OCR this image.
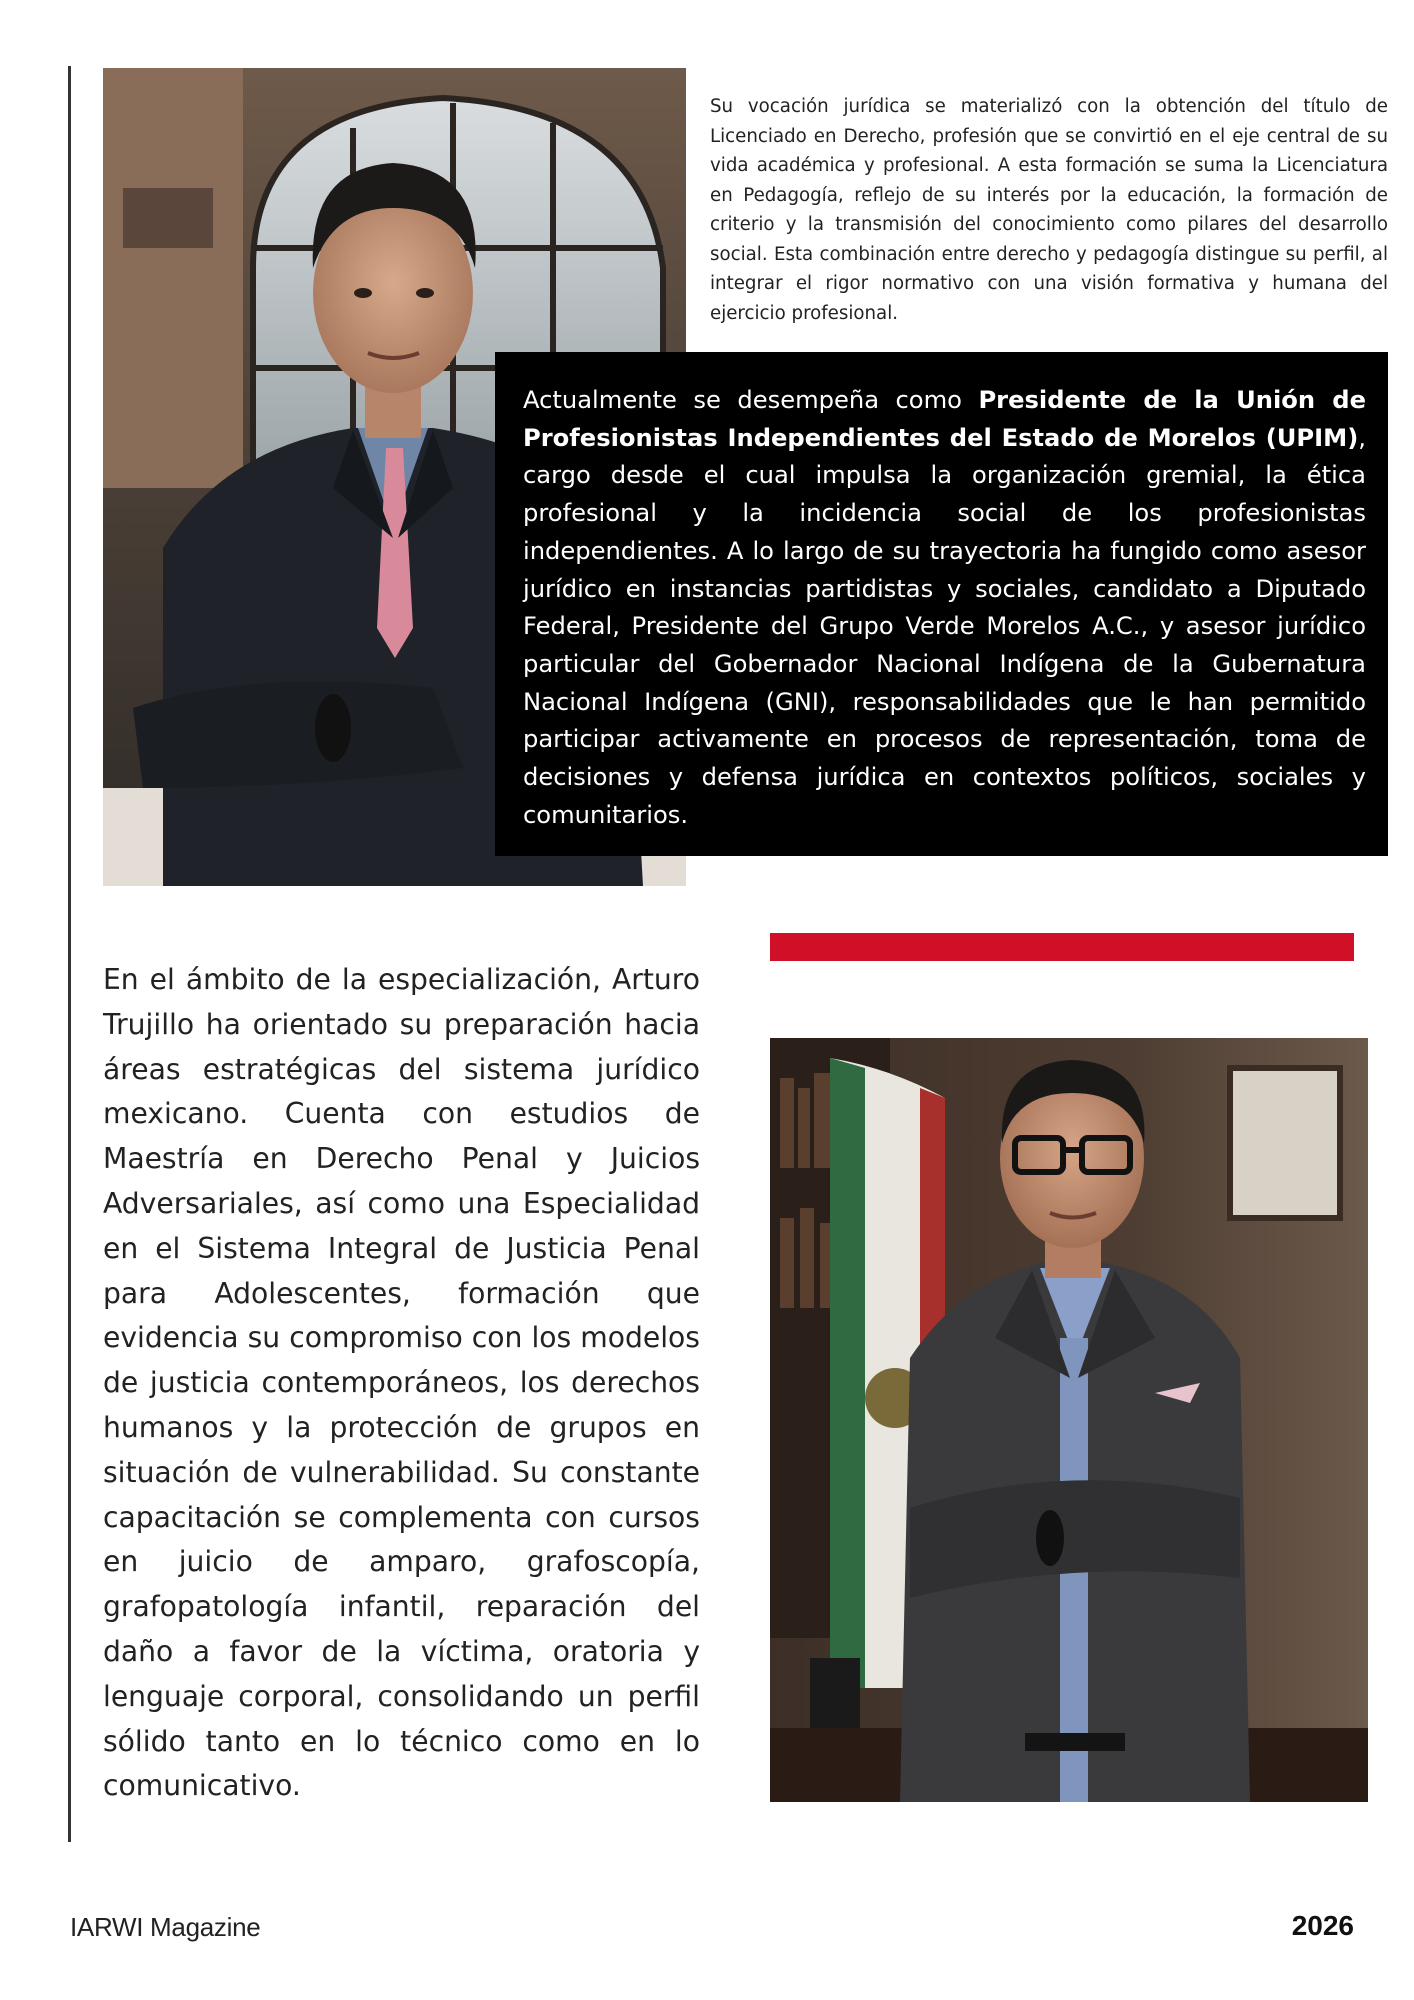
Su vocación jurídica se materializó con la obtención del título de Licenciado en Derecho, profesión que se convirtió en el eje central de su vida académica y profesional. A esta formación se suma la Licenciatura en Pedagogía, reflejo de su interés por la educación, la formación de criterio y la transmisión del conocimiento como pilares del desarrollo social. Esta combinación entre derecho y pedagogía distingue su perfil, al integrar el rigor normativo con una visión formativa y humana del ejercicio profesional.

Actualmente se desempeña como Presidente de la Unión de Profesionistas Independientes del Estado de Morelos (UPIM), cargo desde el cual impulsa la organización gremial, la ética profesional y la incidencia social de los profesionistas independientes. A lo largo de su trayectoria ha fungido como asesor jurídico en instancias partidistas y sociales, candidato a Diputado Federal, Presidente del Grupo Verde Morelos A.C., y asesor jurídico particular del Gobernador Nacional Indígena de la Gubernatura Nacional Indígena (GNI), responsabilidades que le han permitido participar activamente en procesos de representación, toma de decisiones y defensa jurídica en contextos políticos, sociales y comunitarios.

En el ámbito de la especialización, Arturo Trujillo ha orientado su preparación hacia áreas estratégicas del sistema jurídico mexicano. Cuenta con estudios de Maestría en Derecho Penal y Juicios Adversariales, así como una Especialidad en el Sistema Integral de Justicia Penal para Adolescentes, formación que evidencia su compromiso con los modelos de justicia contemporáneos, los derechos humanos y la protección de grupos en situación de vulnerabilidad. Su constante capacitación se complementa con cursos en juicio de amparo, grafoscopía, grafopatología infantil, reparación del daño a favor de la víctima, oratoria y lenguaje corporal, consolidando un perfil sólido tanto en lo técnico como en lo comunicativo.

IARWI Magazine	2026
